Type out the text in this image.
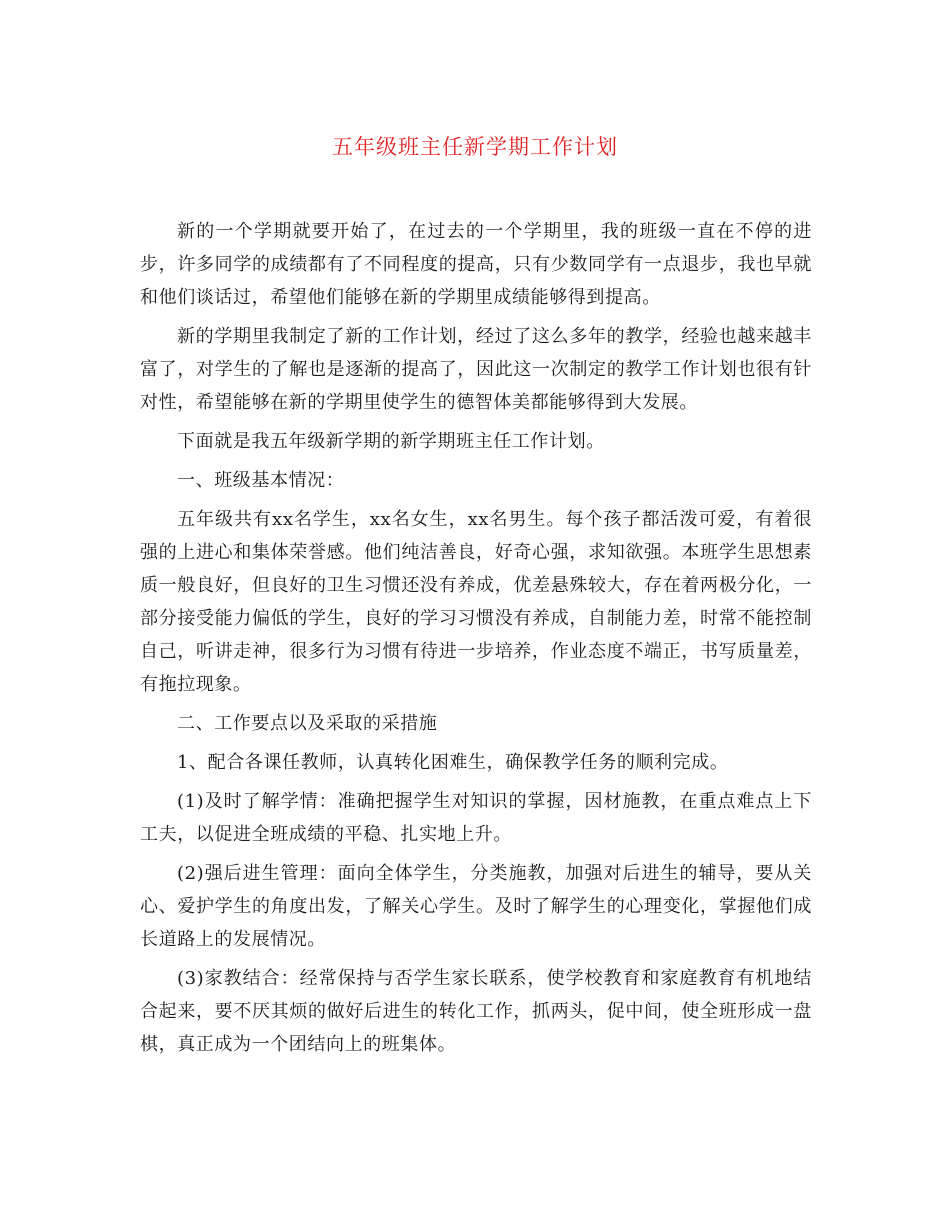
五年级班主任新学期工作计划

新的一个学期就要开始了，在过去的一个学期里，我的班级一直在不停的进步，许多同学的成绩都有了不同程度的提高，只有少数同学有一点退步，我也早就和他们谈话过，希望他们能够在新的学期里成绩能够得到提高。

新的学期里我制定了新的工作计划，经过了这么多年的教学，经验也越来越丰富了，对学生的了解也是逐渐的提高了，因此这一次制定的教学工作计划也很有针对性，希望能够在新的学期里使学生的德智体美都能够得到大发展。

下面就是我五年级新学期的新学期班主任工作计划。

一、班级基本情况：

五年级共有xx名学生，xx名女生，xx名男生。每个孩子都活泼可爱，有着很强的上进心和集体荣誉感。他们纯洁善良，好奇心强，求知欲强。本班学生思想素质一般良好，但良好的卫生习惯还没有养成，优差悬殊较大，存在着两极分化，一部分接受能力偏低的学生，良好的学习习惯没有养成，自制能力差，时常不能控制自己，听讲走神，很多行为习惯有待进一步培养，作业态度不端正，书写质量差，有拖拉现象。

二、工作要点以及采取的采措施

1、配合各课任教师，认真转化困难生，确保教学任务的顺利完成。

(1)及时了解学情：准确把握学生对知识的掌握，因材施教，在重点难点上下工夫，以促进全班成绩的平稳、扎实地上升。

(2)强后进生管理：面向全体学生，分类施教，加强对后进生的辅导，要从关心、爱护学生的角度出发，了解关心学生。及时了解学生的心理变化，掌握他们成长道路上的发展情况。

(3)家教结合：经常保持与否学生家长联系，使学校教育和家庭教育有机地结合起来，要不厌其烦的做好后进生的转化工作，抓两头，促中间，使全班形成一盘棋，真正成为一个团结向上的班集体。
